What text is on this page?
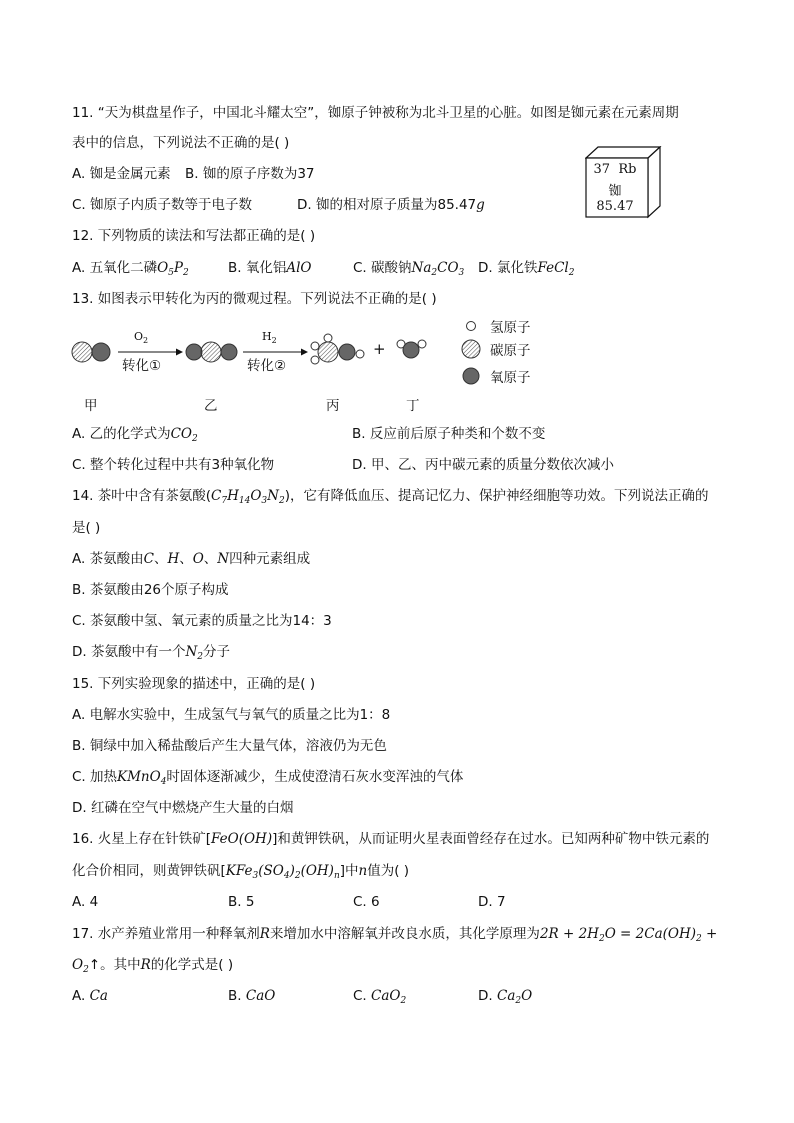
11. “天为棋盘星作子，中国北斗耀太空”，铷原子钟被称为北斗卫星的心脏。如图是铷元素在元素周期
表中的信息，下列说法不正确的是( )
A. 铷是金属元素 B. 铷的原子序数为37
C. 铷原子内质子数等于电子数	D. 铷的相对原子质量为85.47g
37 Rb
铷
85.47
12. 下列物质的读法和写法都正确的是( )
A. 五氧化二磷$O_5P_2$	B. 氧化铝AlO	C. 碳酸钠$Na_2CO_3$ D. 氯化铁FeCl$_2$
13. 如图表示甲转化为丙的微观过程。下列说法不正确的是( )
$O_2$
转化①
$H_2$
转化②
+
甲	乙	丙	丁
氢原子
碳原子
氧原子
A. 乙的化学式为$CO_2$	B. 反应前后原子种类和个数不变
C. 整个转化过程中共有3种氧化物	D. 甲、乙、丙中碳元素的质量分数依次减小
14. 茶叶中含有茶氨酸$(C_7H_{14}O_3N_2)$，它有降低血压、提高记忆力、保护神经细胞等功效。下列说法正确的
是( )
A. 茶氨酸由C、H、O、N四种元素组成
B. 茶氨酸由26个原子构成
C. 茶氨酸中氢、氧元素的质量之比为14：3
D. 茶氨酸中有一个$N_2$分子
15. 下列实验现象的描述中，正确的是( )
A. 电解水实验中，生成氢气与氧气的质量之比为1：8
B. 铜绿中加入稀盐酸后产生大量气体，溶液仍为无色
C. 加热KMnO$_4$时固体逐渐减少，生成使澄清石灰水变浑浊的气体
D. 红磷在空气中燃烧产生大量的白烟
16. 火星上存在针铁矿[FeO(OH)]和黄钾铁矾，从而证明火星表面曾经存在过水。已知两种矿物中铁元素的
化合价相同，则黄钾铁矾$[KFe_3(SO_4)_2(OH)_n]$中n值为( )
A. 4	B. 5	C. 6	D. 7
17. 水产养殖业常用一种释氧剂R来增加水中溶解氧并改良水质，其化学原理为$2R + 2H_2O = 2Ca(OH)_2$ +
$O_2↑$。其中R的化学式是( )
A. Ca	B. CaO	C. CaO$_2$	D. $Ca_2O$
